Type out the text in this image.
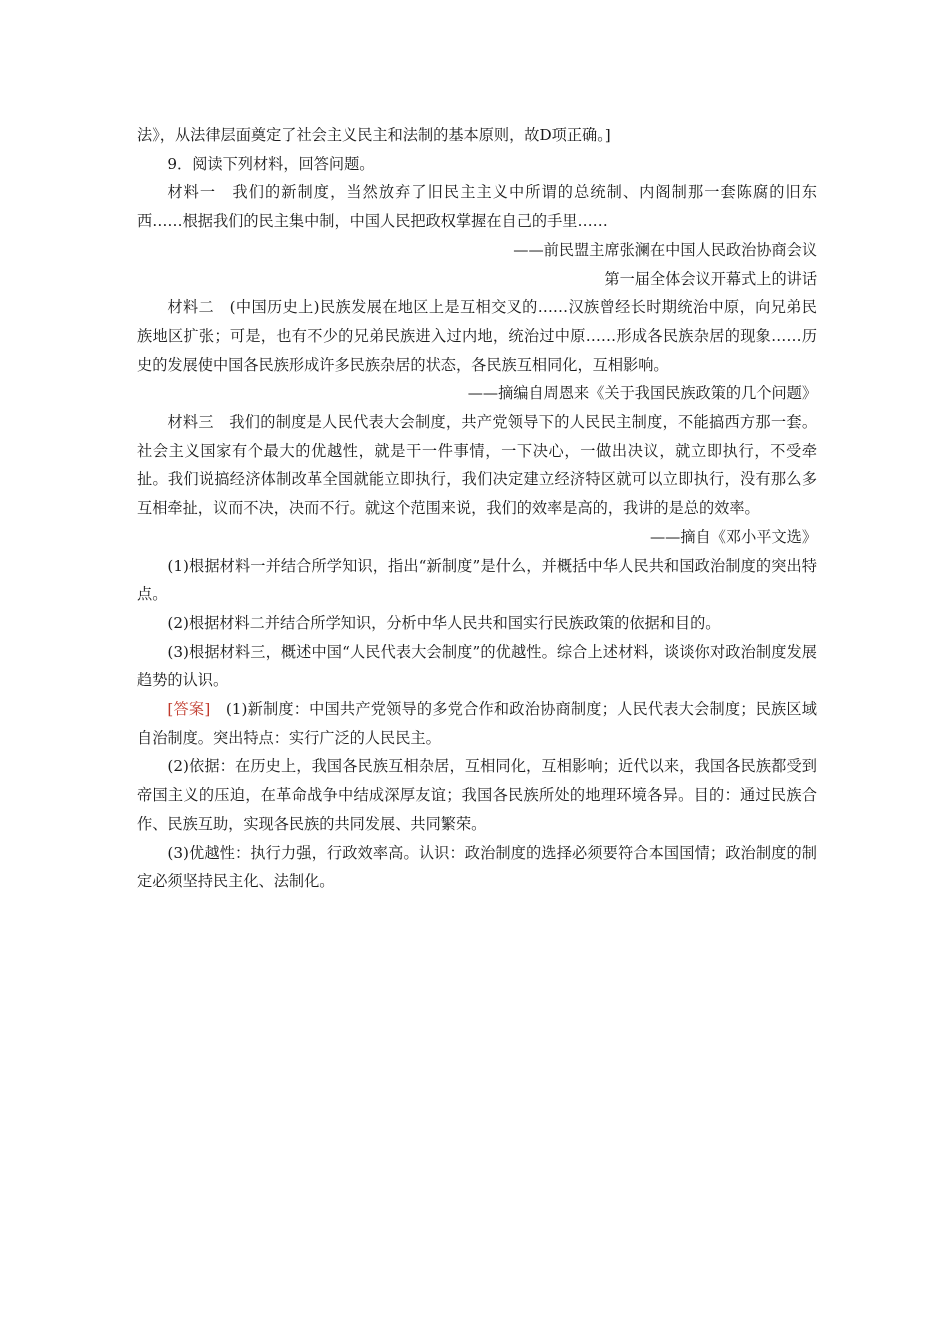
法》，从法律层面奠定了社会主义民主和法制的基本原则，故D项正确。]

9．阅读下列材料，回答问题。

材料一　我们的新制度，当然放弃了旧民主主义中所谓的总统制、内阁制那一套陈腐的旧东西……根据我们的民主集中制，中国人民把政权掌握在自己的手里……

——前民盟主席张澜在中国人民政治协商会议

第一届全体会议开幕式上的讲话

材料二　(中国历史上)民族发展在地区上是互相交叉的……汉族曾经长时期统治中原，向兄弟民族地区扩张；可是，也有不少的兄弟民族进入过内地，统治过中原……形成各民族杂居的现象……历史的发展使中国各民族形成许多民族杂居的状态，各民族互相同化，互相影响。

——摘编自周恩来《关于我国民族政策的几个问题》

材料三　我们的制度是人民代表大会制度，共产党领导下的人民民主制度，不能搞西方那一套。社会主义国家有个最大的优越性，就是干一件事情，一下决心，一做出决议，就立即执行，不受牵扯。我们说搞经济体制改革全国就能立即执行，我们决定建立经济特区就可以立即执行，没有那么多互相牵扯，议而不决，决而不行。就这个范围来说，我们的效率是高的，我讲的是总的效率。

——摘自《邓小平文选》

(1)根据材料一并结合所学知识，指出“新制度”是什么，并概括中华人民共和国政治制度的突出特点。

(2)根据材料二并结合所学知识，分析中华人民共和国实行民族政策的依据和目的。

(3)根据材料三，概述中国“人民代表大会制度”的优越性。综合上述材料，谈谈你对政治制度发展趋势的认识。

[答案]　(1)新制度：中国共产党领导的多党合作和政治协商制度；人民代表大会制度；民族区域自治制度。突出特点：实行广泛的人民民主。

(2)依据：在历史上，我国各民族互相杂居，互相同化，互相影响；近代以来，我国各民族都受到帝国主义的压迫，在革命战争中结成深厚友谊；我国各民族所处的地理环境各异。目的：通过民族合作、民族互助，实现各民族的共同发展、共同繁荣。

(3)优越性：执行力强，行政效率高。认识：政治制度的选择必须要符合本国国情；政治制度的制定必须坚持民主化、法制化。
